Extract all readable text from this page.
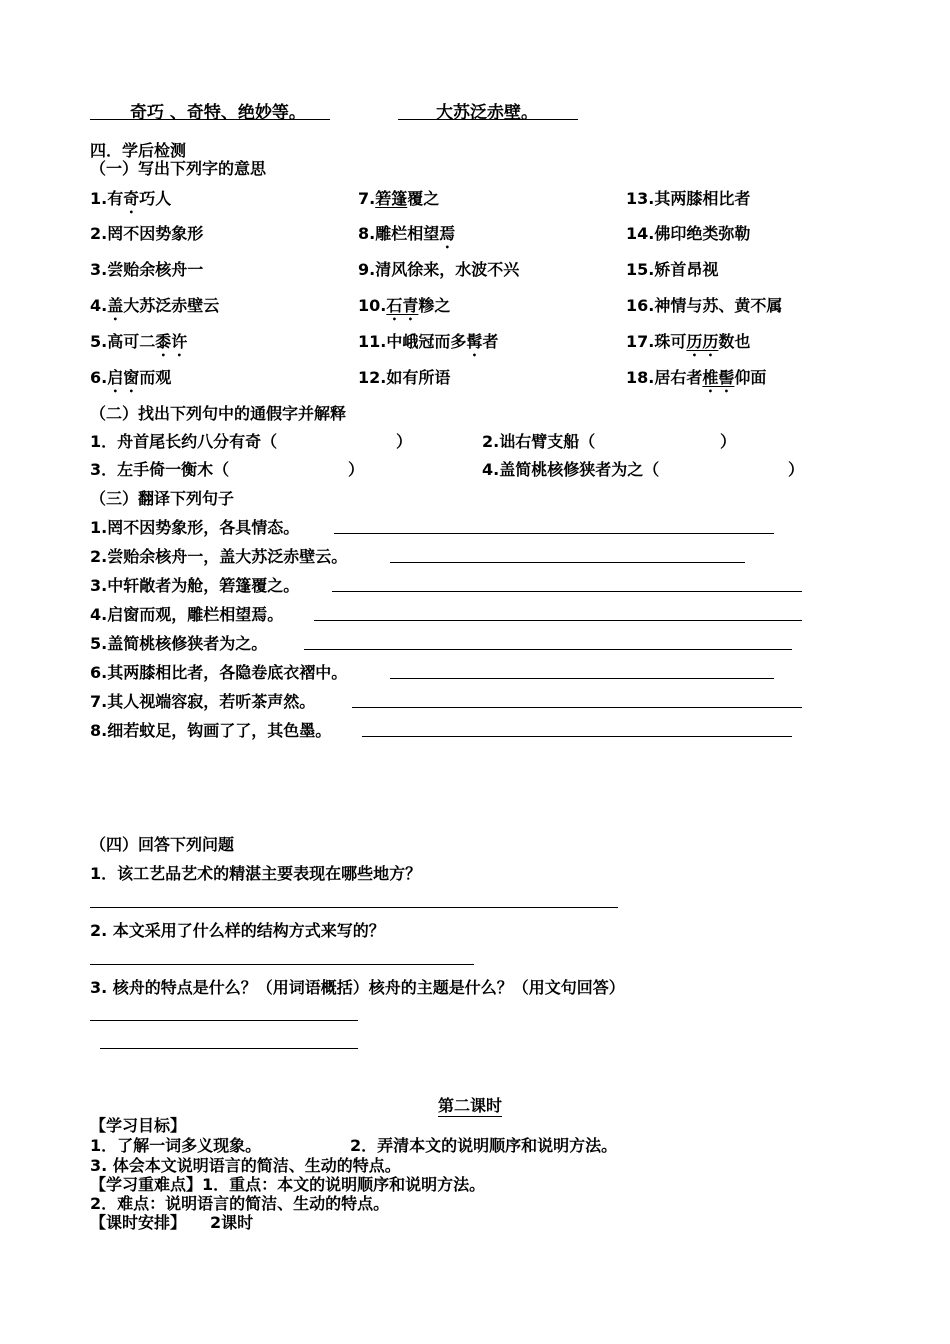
奇巧 、奇特、绝妙等。	大苏泛赤壁。
四．学后检测
（一）写出下列字的意思
1.有奇巧人
2.罔不因势象形
3.尝贻余核舟一
4.盖大苏泛赤壁云
5.高可二黍许
6.启窗而观
7.箬篷覆之
8.雕栏相望焉
9.清风徐来，水波不兴
10.石青糁之
11.中峨冠而多髯者
12.如有所语
13.其两膝相比者
14.佛印绝类弥勒
15.矫首昂视
16.神情与苏、黄不属
17.珠可历历数也
18.居右者椎髻仰面
（二）找出下列句中的通假字并解释
1．舟首尾长约八分有奇（	）	2.诎右臂支船（	）
3．左手倚一衡木（	）	4.盖简桃核修狭者为之（	）
（三）翻译下列句子
1.罔不因势象形，各具情态。
2.尝贻余核舟一，盖大苏泛赤壁云。
3.中轩敞者为舱，箬篷覆之。
4.启窗而观，雕栏相望焉。
5.盖简桃核修狭者为之。
6.其两膝相比者，各隐卷底衣褶中。
7.其人视端容寂，若听茶声然。
8.细若蚊足，钩画了了，其色墨。
（四）回答下列问题
1．该工艺品艺术的精湛主要表现在哪些地方？
2. 本文采用了什么样的结构方式来写的？
3. 核舟的特点是什么？（用词语概括）核舟的主题是什么？（用文句回答）
第二课时
【学习目标】
1．了解一词多义现象。	2．弄清本文的说明顺序和说明方法。
3. 体会本文说明语言的简洁、生动的特点。
【学习重难点】1．重点：本文的说明顺序和说明方法。
2．难点：说明语言的简洁、生动的特点。
【课时安排】 2课时
